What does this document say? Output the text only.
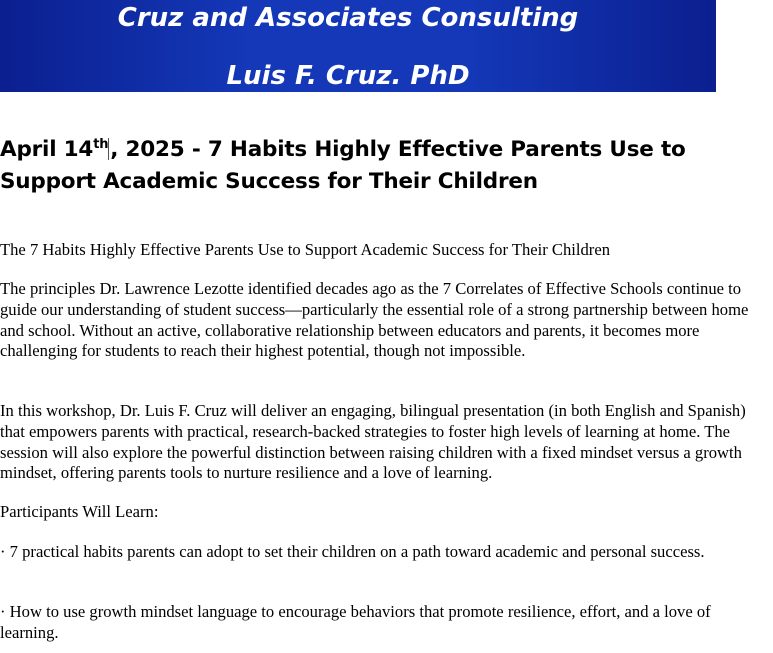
Cruz and Associates Consulting
Luis F. Cruz. PhD
April 14th, 2025 - 7 Habits Highly Effective Parents Use toSupport Academic Success for Their Children

The 7 Habits Highly Effective Parents Use to Support Academic Success for Their Children

The principles Dr. Lawrence Lezotte identified decades ago as the 7 Correlates of Effective Schools continue to guide our understanding of student success—particularly the essential role of a strong partnership between home and school. Without an active, collaborative relationship between educators and parents, it becomes more challenging for students to reach their highest potential, though not impossible.

In this workshop, Dr. Luis F. Cruz will deliver an engaging, bilingual presentation (in both English and Spanish) that empowers parents with practical, research-backed strategies to foster high levels of learning at home. The session will also explore the powerful distinction between raising children with a fixed mindset versus a growth mindset, offering parents tools to nurture resilience and a love of learning.

Participants Will Learn:

· 7 practical habits parents can adopt to set their children on a path toward academic and personal success.

· How to use growth mindset language to encourage behaviors that promote resilience, effort, and a love of learning.
